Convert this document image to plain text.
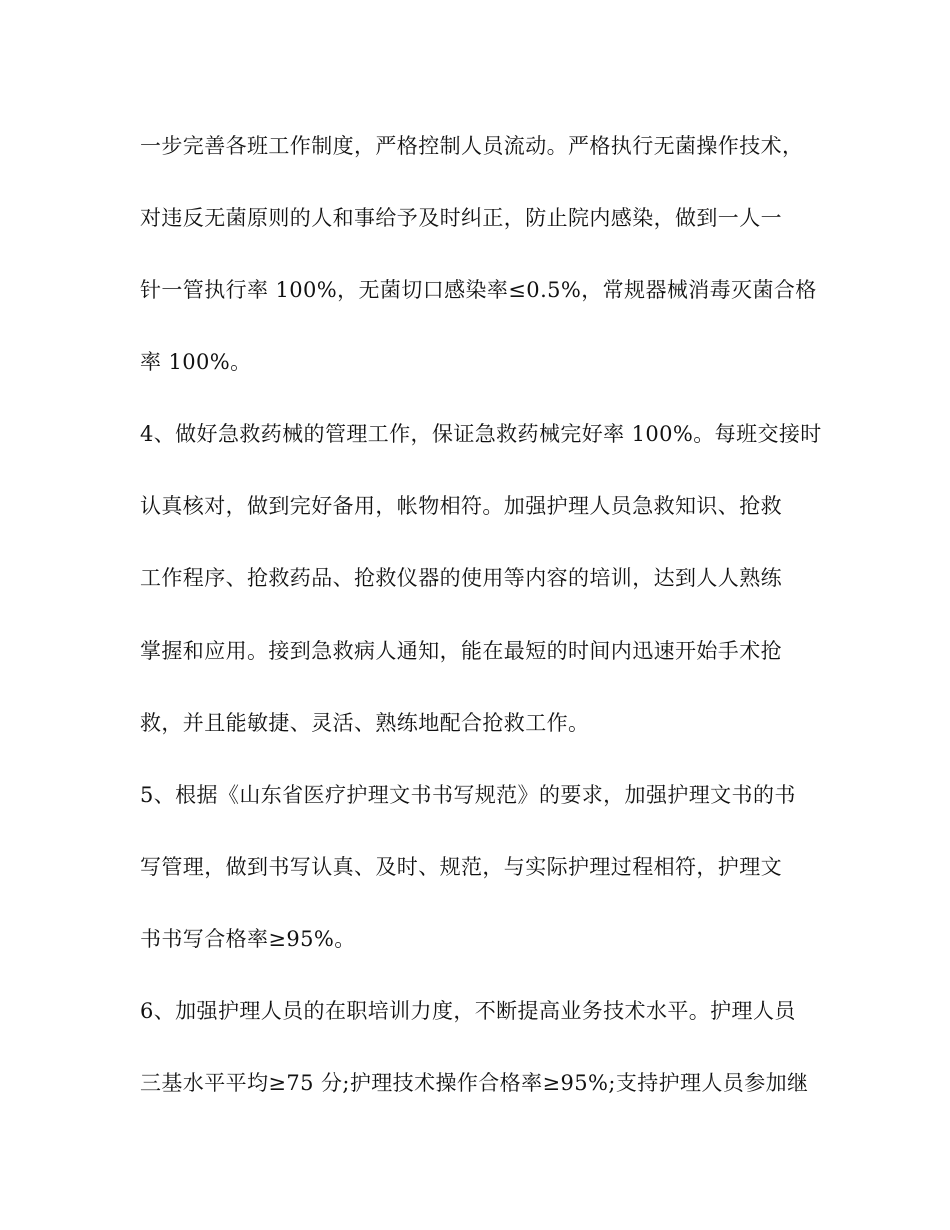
一步完善各班工作制度，严格控制人员流动。严格执行无菌操作技术，
对违反无菌原则的人和事给予及时纠正，防止院内感染，做到一人一
针一管执行率 100%，无菌切口感染率≤0.5%，常规器械消毒灭菌合格
率 100%。
4、做好急救药械的管理工作，保证急救药械完好率 100%。每班交接时
认真核对，做到完好备用，帐物相符。加强护理人员急救知识、抢救
工作程序、抢救药品、抢救仪器的使用等内容的培训，达到人人熟练
掌握和应用。接到急救病人通知，能在最短的时间内迅速开始手术抢
救，并且能敏捷、灵活、熟练地配合抢救工作。
5、根据《山东省医疗护理文书书写规范》的要求，加强护理文书的书
写管理，做到书写认真、及时、规范，与实际护理过程相符，护理文
书书写合格率≥95%。
6、加强护理人员的在职培训力度，不断提高业务技术水平。护理人员
三基水平平均≥75 分;护理技术操作合格率≥95%;支持护理人员参加继
